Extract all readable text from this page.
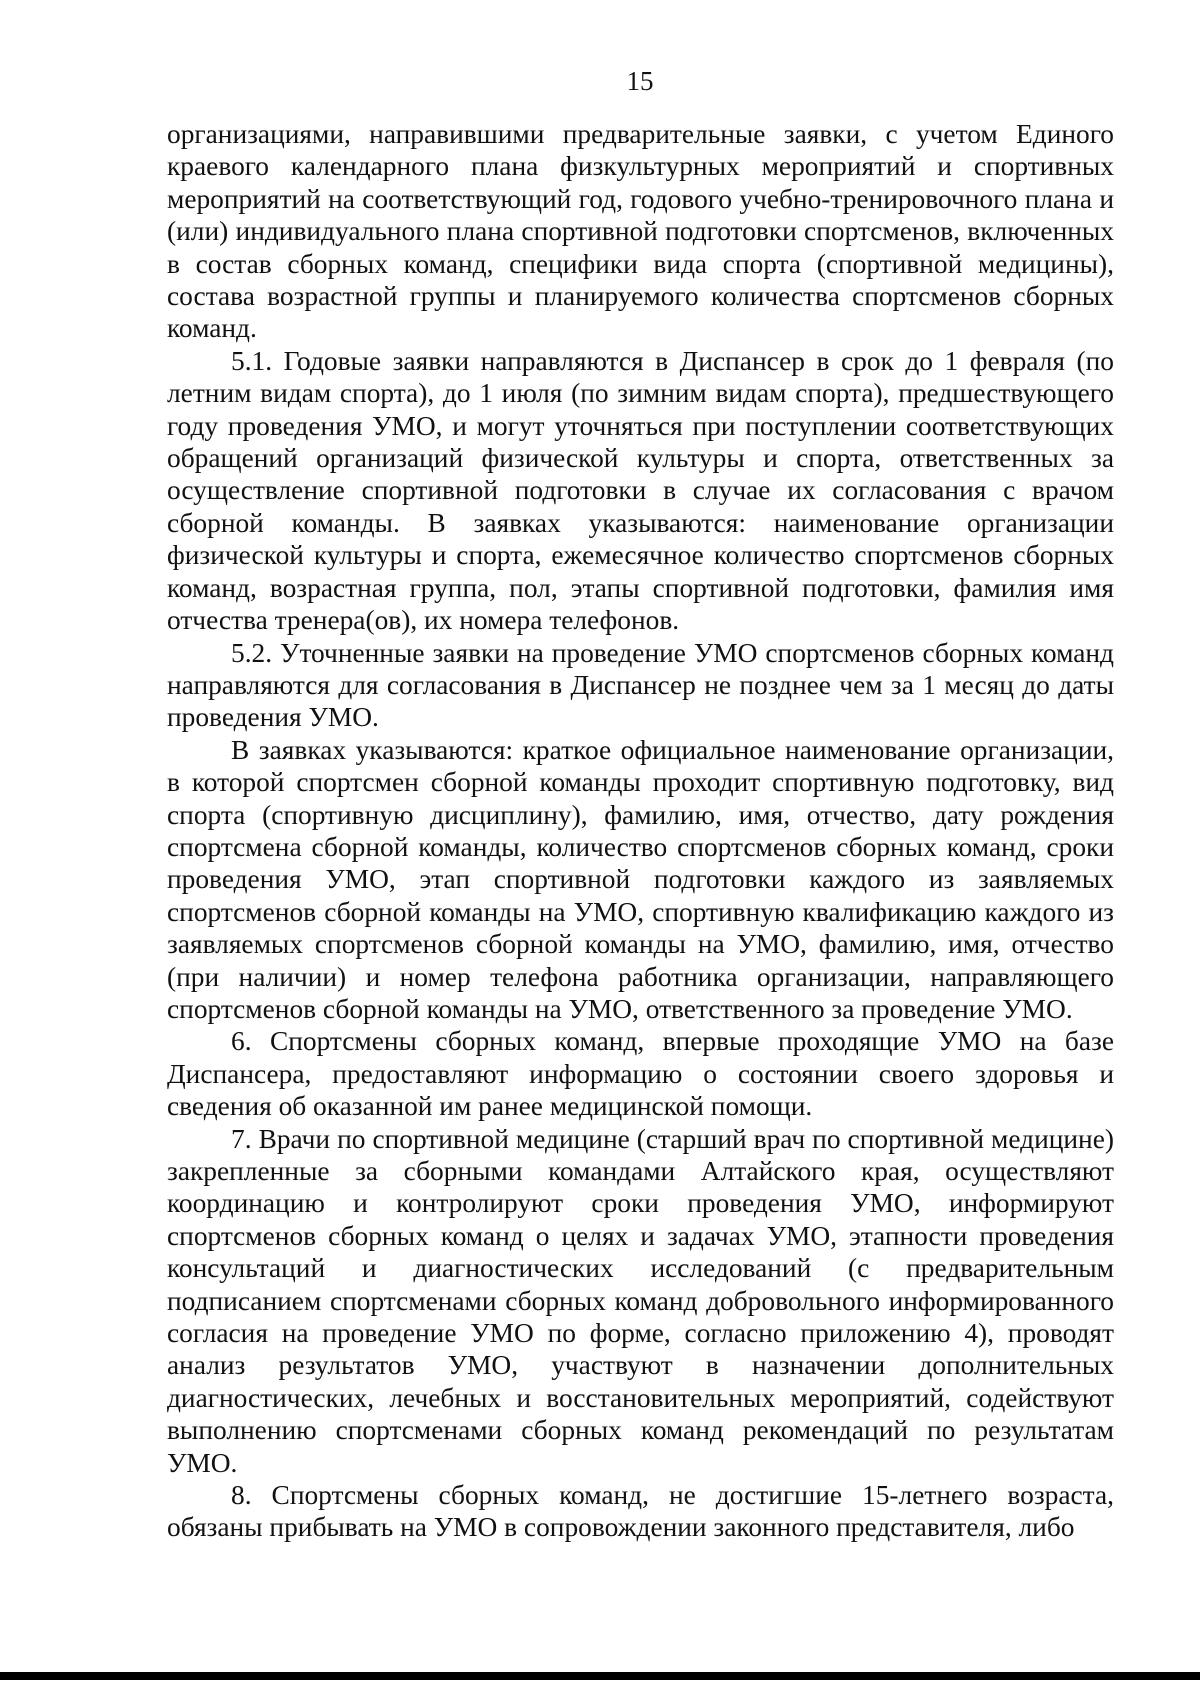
15

организациями, направившими предварительные заявки, с учетом Единого краевого календарного плана физкультурных мероприятий и спортивных мероприятий на соответствующий год, годового учебно-тренировочного плана и (или) индивидуального плана спортивной подготовки спортсменов, включенных в состав сборных команд, специфики вида спорта (спортивной медицины), состава возрастной группы и планируемого количества спортсменов сборных команд.

5.1. Годовые заявки направляются в Диспансер в срок до 1 февраля (по летним видам спорта), до 1 июля (по зимним видам спорта), предшествующего году проведения УМО, и могут уточняться при поступлении соответствующих обращений организаций физической культуры и спорта, ответственных за осуществление спортивной подготовки в случае их согласования с врачом сборной команды. В заявках указываются: наименование организации физической культуры и спорта, ежемесячное количество спортсменов сборных команд, возрастная группа, пол, этапы спортивной подготовки, фамилия имя отчества тренера(ов), их номера телефонов.

5.2. Уточненные заявки на проведение УМО спортсменов сборных команд направляются для согласования в Диспансер не позднее чем за 1 месяц до даты проведения УМО.

В заявках указываются: краткое официальное наименование организации, в которой спортсмен сборной команды проходит спортивную подготовку, вид спорта (спортивную дисциплину), фамилию, имя, отчество, дату рождения спортсмена сборной команды, количество спортсменов сборных команд, сроки проведения УМО, этап спортивной подготовки каждого из заявляемых спортсменов сборной команды на УМО, спортивную квалификацию каждого из заявляемых спортсменов сборной команды на УМО, фамилию, имя, отчество (при наличии) и номер телефона работника организации, направляющего спортсменов сборной команды на УМО, ответственного за проведение УМО.

6. Спортсмены сборных команд, впервые проходящие УМО на базе Диспансера, предоставляют информацию о состоянии своего здоровья и сведения об оказанной им ранее медицинской помощи.

7. Врачи по спортивной медицине (старший врач по спортивной медицине) закрепленные за сборными командами Алтайского края, осуществляют координацию и контролируют сроки проведения УМО, информируют спортсменов сборных команд о целях и задачах УМО, этапности проведения консультаций и диагностических исследований (с предварительным подписанием спортсменами сборных команд добровольного информированного согласия на проведение УМО по форме, согласно приложению 4), проводят анализ результатов УМО, участвуют в назначении дополнительных диагностических, лечебных и восстановительных мероприятий, содействуют выполнению спортсменами сборных команд рекомендаций по результатам УМО.

8. Спортсмены сборных команд, не достигшие 15-летнего возраста, обязаны прибывать на УМО в сопровождении законного представителя, либо
